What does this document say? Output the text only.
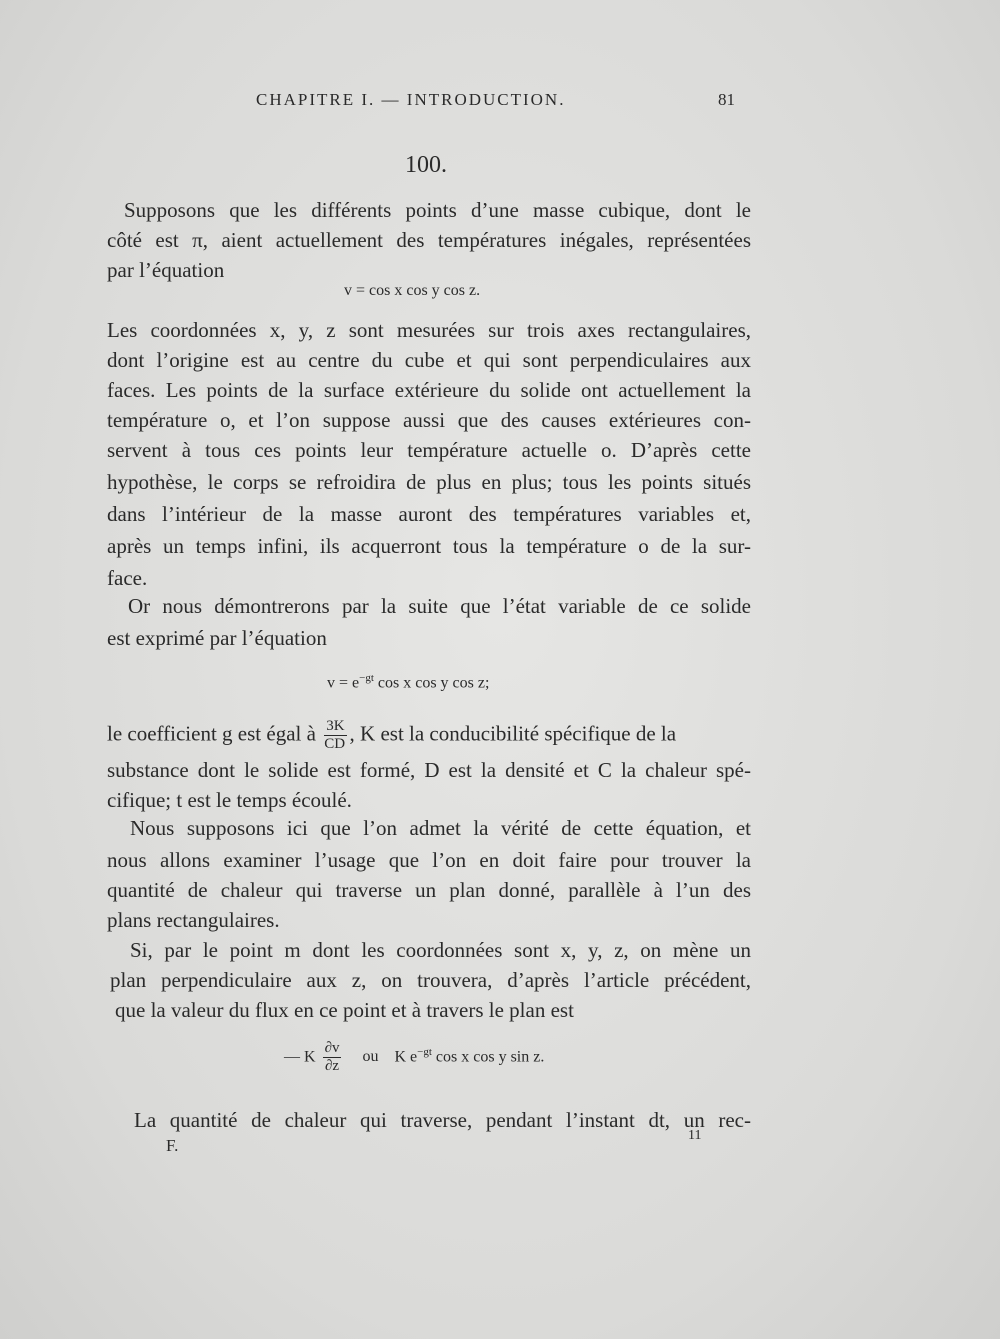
CHAPITRE I. — INTRODUCTION.	81
100.
Supposons que les différents points d’une masse cubique, dont le
côté est π, aient actuellement des températures inégales, représentées
par l’équation
v = cos x cos y cos z.
Les coordonnées x, y, z sont mesurées sur trois axes rectangulaires,
dont l’origine est au centre du cube et qui sont perpendiculaires aux
faces. Les points de la surface extérieure du solide ont actuellement la
température o, et l’on suppose aussi que des causes extérieures con-
servent à tous ces points leur température actuelle o. D’après cette
hypothèse, le corps se refroidira de plus en plus; tous les points situés
dans l’intérieur de la masse auront des températures variables et,
après un temps infini, ils acquerront tous la température o de la sur-
face.
Or nous démontrerons par la suite que l’état variable de ce solide
est exprimé par l’équation
$v = e^{-gt}$ cos x cos y cos z;
le coefficient g est égal à $\frac{3K}{CD}$ , K est la conducibilité spécifique de la
substance dont le solide est formé, D est la densité et C la chaleur spé-
cifique; t est le temps écoulé.
Nous supposons ici que l’on admet la vérité de cette équation, et
nous allons examiner l’usage que l’on en doit faire pour trouver la
quantité de chaleur qui traverse un plan donné, parallèle à l’un des
plans rectangulaires.
Si, par le point m dont les coordonnées sont x, y, z, on mène un
plan perpendiculaire aux z, on trouvera, d’après l’article précédent,
que la valeur du flux en ce point et à travers le plan est
— K $\frac{\partial v}{\partial z}$ ou K $e^{-gt}$ cos x cos y sin z.
La quantité de chaleur qui traverse, pendant l’instant dt, un rec-
F.
11
